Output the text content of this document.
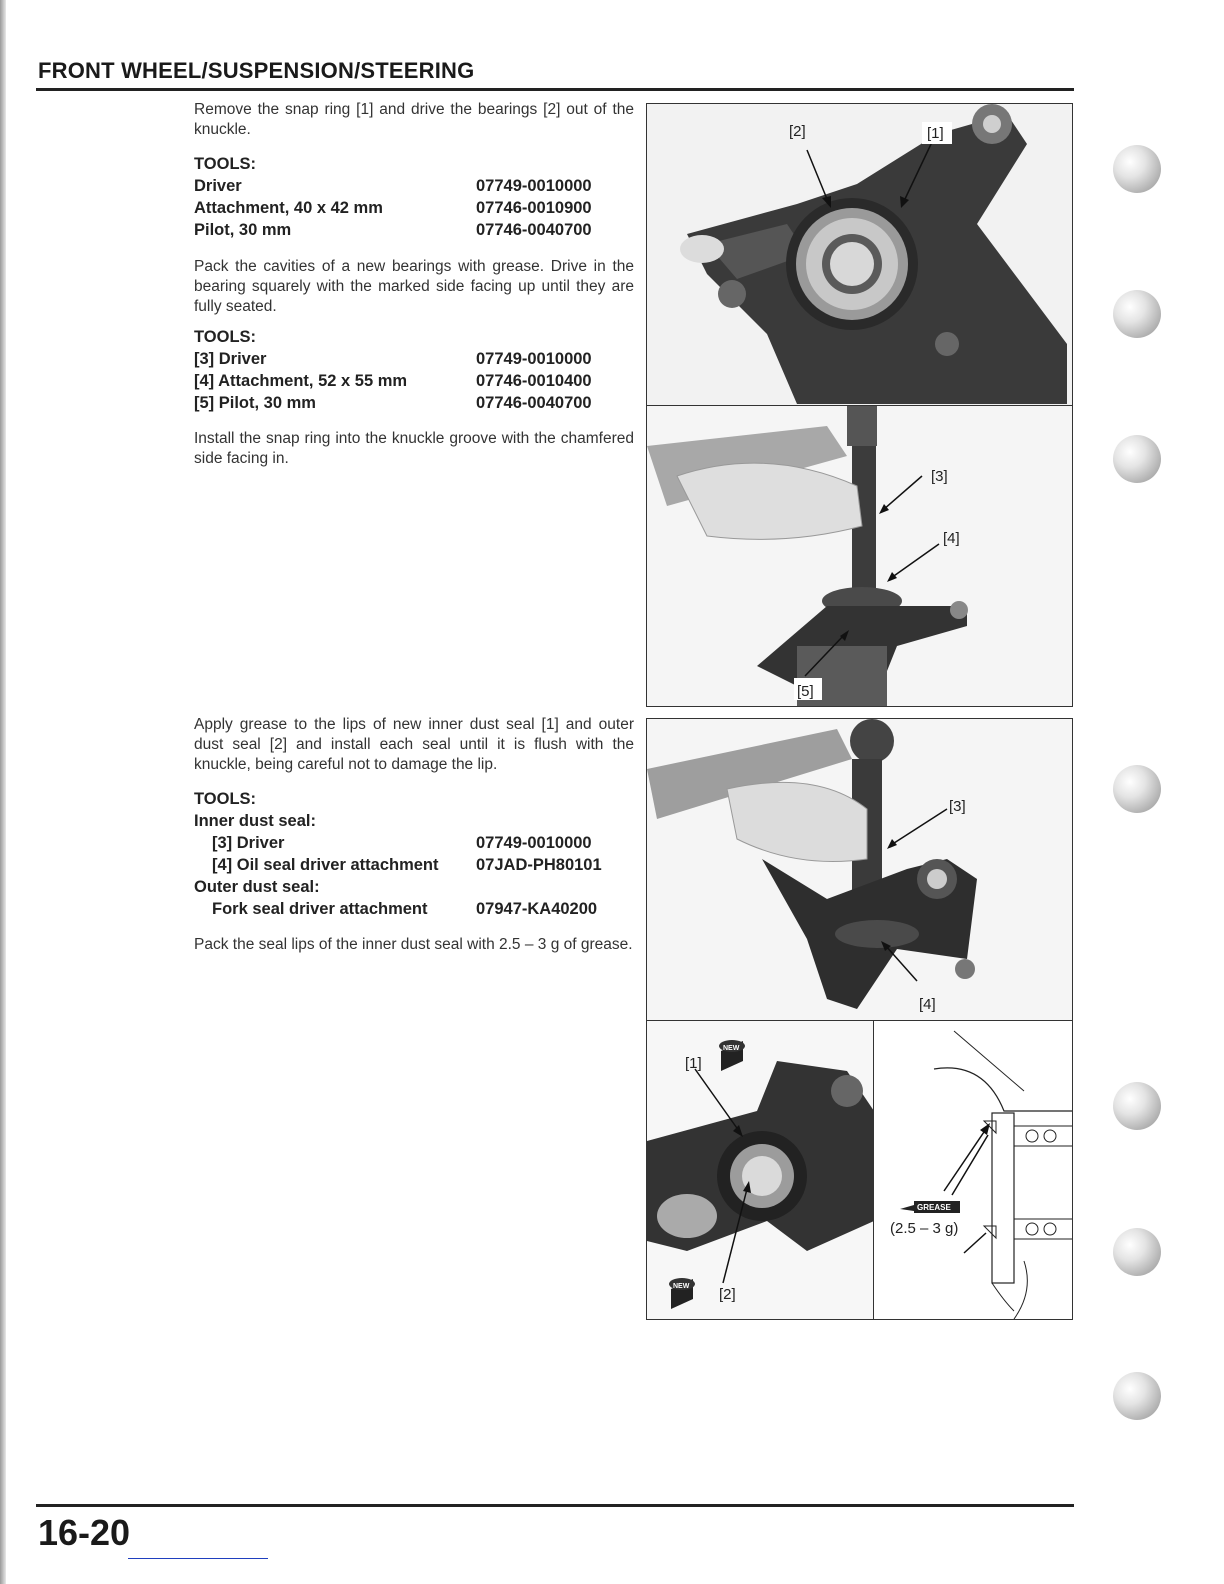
FRONT WHEEL/SUSPENSION/STEERING
Remove the snap ring [1] and drive the bearings [2] out of the knuckle.
TOOLS:
Driver	07749-0010000
Attachment, 40 x 42 mm	07746-0010900
Pilot, 30 mm	07746-0040700
Pack the cavities of a new bearings with grease. Drive in the bearing squarely with the marked side facing up until they are fully seated.
TOOLS:
[3] Driver	07749-0010000
[4] Attachment, 52 x 55 mm	07746-0010400
[5] Pilot, 30 mm	07746-0040700
Install the snap ring into the knuckle groove with the chamfered side facing in.
Apply grease to the lips of new inner dust seal [1] and outer dust seal [2] and install each seal until it is flush with the knuckle, being careful not to damage the lip.
TOOLS:
Inner dust seal:
[3] Driver	07749-0010000
[4] Oil seal driver attachment 07JAD-PH80101
Outer dust seal:
Fork seal driver attachment	07947-KA40200
Pack the seal lips of the inner dust seal with 2.5 – 3 g of grease.
[2]	[1]
[3]
[4]
[5]
[3]
[4]
NEW
NEW
[1]
[2]
GREASE
(2.5 – 3 g)
16-20
